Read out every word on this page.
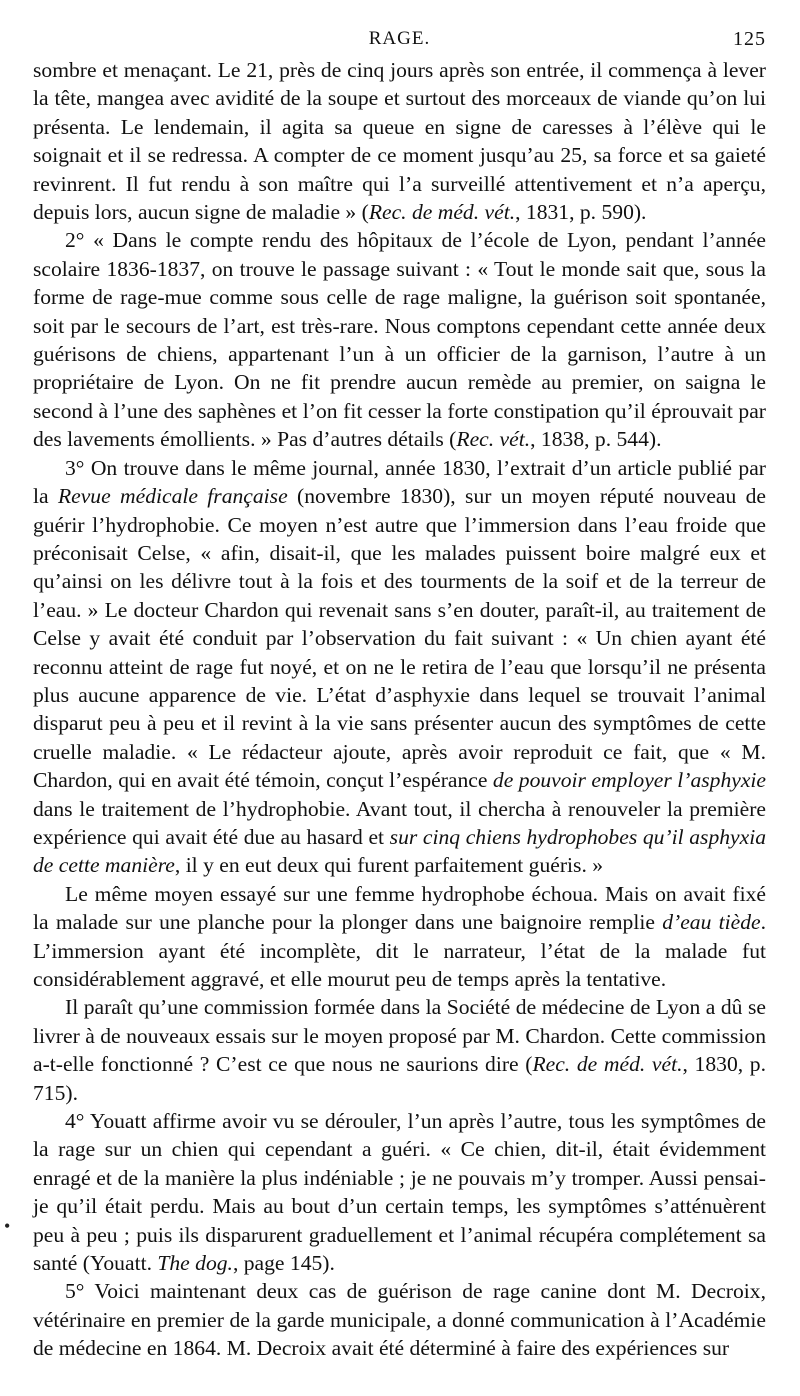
RAGE.	125

sombre et menaçant. Le 21, près de cinq jours après son entrée, il commença à lever la tête, mangea avec avidité de la soupe et surtout des morceaux de viande qu’on lui présenta. Le lendemain, il agita sa queue en signe de caresses à l’élève qui le soignait et il se redressa. A compter de ce moment jusqu’au 25, sa force et sa gaieté revinrent. Il fut rendu à son maître qui l’a surveillé attentivement et n’a aperçu, depuis lors, aucun signe de maladie » (Rec. de méd. vét., 1831, p. 590).

2° « Dans le compte rendu des hôpitaux de l’école de Lyon, pendant l’année scolaire 1836-1837, on trouve le passage suivant : « Tout le monde sait que, sous la forme de rage-mue comme sous celle de rage maligne, la guérison soit spontanée, soit par le secours de l’art, est très-rare. Nous comptons cependant cette année deux guérisons de chiens, appartenant l’un à un officier de la garnison, l’autre à un propriétaire de Lyon. On ne fit prendre aucun remède au premier, on saigna le second à l’une des saphènes et l’on fit cesser la forte constipation qu’il éprouvait par des lavements émollients. » Pas d’autres détails (Rec. vét., 1838, p. 544).

3° On trouve dans le même journal, année 1830, l’extrait d’un article publié par la Revue médicale française (novembre 1830), sur un moyen réputé nouveau de guérir l’hydrophobie. Ce moyen n’est autre que l’immersion dans l’eau froide que préconisait Celse, « afin, disait-il, que les malades puissent boire malgré eux et qu’ainsi on les délivre tout à la fois et des tourments de la soif et de la terreur de l’eau. » Le docteur Chardon qui revenait sans s’en douter, paraît-il, au traitement de Celse y avait été conduit par l’observation du fait suivant : « Un chien ayant été reconnu atteint de rage fut noyé, et on ne le retira de l’eau que lorsqu’il ne présenta plus aucune apparence de vie. L’état d’asphyxie dans lequel se trouvait l’animal disparut peu à peu et il revint à la vie sans présenter aucun des symptômes de cette cruelle maladie. « Le rédacteur ajoute, après avoir reproduit ce fait, que « M. Chardon, qui en avait été témoin, conçut l’espérance de pouvoir employer l’asphyxie dans le traitement de l’hydrophobie. Avant tout, il chercha à renouveler la première expérience qui avait été due au hasard et sur cinq chiens hydrophobes qu’il asphyxia de cette manière, il y en eut deux qui furent parfaitement guéris. »

Le même moyen essayé sur une femme hydrophobe échoua. Mais on avait fixé la malade sur une planche pour la plonger dans une baignoire remplie d’eau tiède. L’immersion ayant été incomplète, dit le narrateur, l’état de la malade fut considérablement aggravé, et elle mourut peu de temps après la tentative.

Il paraît qu’une commission formée dans la Société de médecine de Lyon a dû se livrer à de nouveaux essais sur le moyen proposé par M. Chardon. Cette commission a-t-elle fonctionné ? C’est ce que nous ne saurions dire (Rec. de méd. vét., 1830, p. 715).

4° Youatt affirme avoir vu se dérouler, l’un après l’autre, tous les symptômes de la rage sur un chien qui cependant a guéri. « Ce chien, dit-il, était évidemment enragé et de la manière la plus indéniable ; je ne pouvais m’y tromper. Aussi pensai-je qu’il était perdu. Mais au bout d’un certain temps, les symptômes s’atténuèrent peu à peu ; puis ils disparurent graduellement et l’animal récupéra complétement sa santé (Youatt. The dog., page 145).

5° Voici maintenant deux cas de guérison de rage canine dont M. Decroix, vétérinaire en premier de la garde municipale, a donné communication à l’Académie de médecine en 1864. M. Decroix avait été déterminé à faire des expériences sur

•
